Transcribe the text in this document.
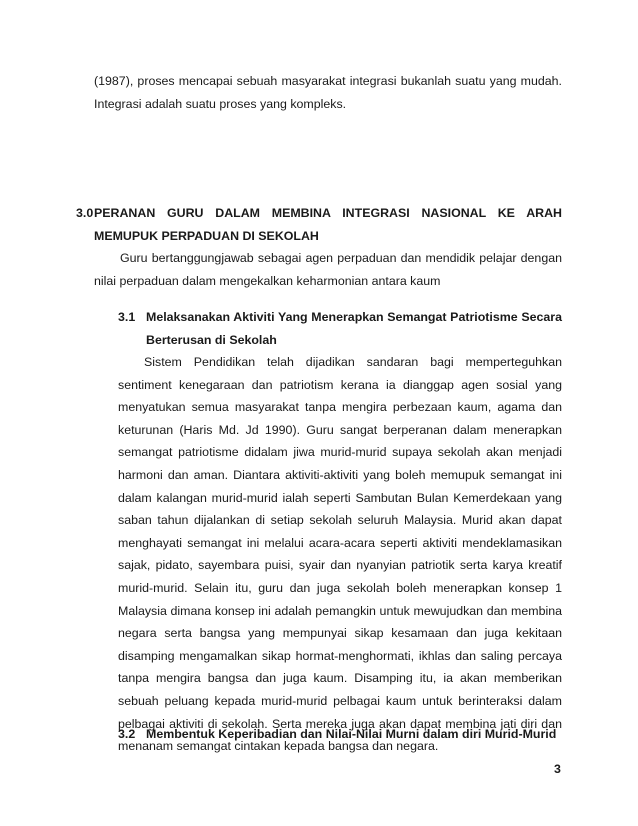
(1987), proses mencapai sebuah masyarakat integrasi bukanlah suatu yang mudah. Integrasi adalah suatu proses yang kompleks.

3.0 PERANAN GURU DALAM MEMBINA INTEGRASI NASIONAL KE ARAH MEMUPUK PERPADUAN DI SEKOLAH

Guru bertanggungjawab sebagai agen perpaduan dan mendidik pelajar dengan nilai perpaduan dalam mengekalkan keharmonian antara kaum

3.1 Melaksanakan Aktiviti Yang Menerapkan Semangat Patriotisme Secara Berterusan di Sekolah

Sistem Pendidikan telah dijadikan sandaran bagi memperteguhkan sentiment kenegaraan dan patriotism kerana ia dianggap agen sosial yang menyatukan semua masyarakat tanpa mengira perbezaan kaum, agama dan keturunan (Haris Md. Jd 1990). Guru sangat berperanan dalam menerapkan semangat patriotisme didalam jiwa murid-murid supaya sekolah akan menjadi harmoni dan aman. Diantara aktiviti-aktiviti yang boleh memupuk semangat ini dalam kalangan murid-murid ialah seperti Sambutan Bulan Kemerdekaan yang saban tahun dijalankan di setiap sekolah seluruh Malaysia. Murid akan dapat menghayati semangat ini melalui acara-acara seperti aktiviti mendeklamasikan sajak, pidato, sayembara puisi, syair dan nyanyian patriotik serta karya kreatif murid-murid. Selain itu, guru dan juga sekolah boleh menerapkan konsep 1 Malaysia dimana konsep ini adalah pemangkin untuk mewujudkan dan membina negara serta bangsa yang mempunyai sikap kesamaan dan juga kekitaan disamping mengamalkan sikap hormat-menghormati, ikhlas dan saling percaya tanpa mengira bangsa dan juga kaum. Disamping itu, ia akan memberikan sebuah peluang kepada murid-murid pelbagai kaum untuk berinteraksi dalam pelbagai aktiviti di sekolah. Serta mereka juga akan dapat membina jati diri dan menanam semangat cintakan kepada bangsa dan negara.

3.2 Membentuk Keperibadian dan Nilai-Nilai Murni dalam diri Murid-Murid
3
